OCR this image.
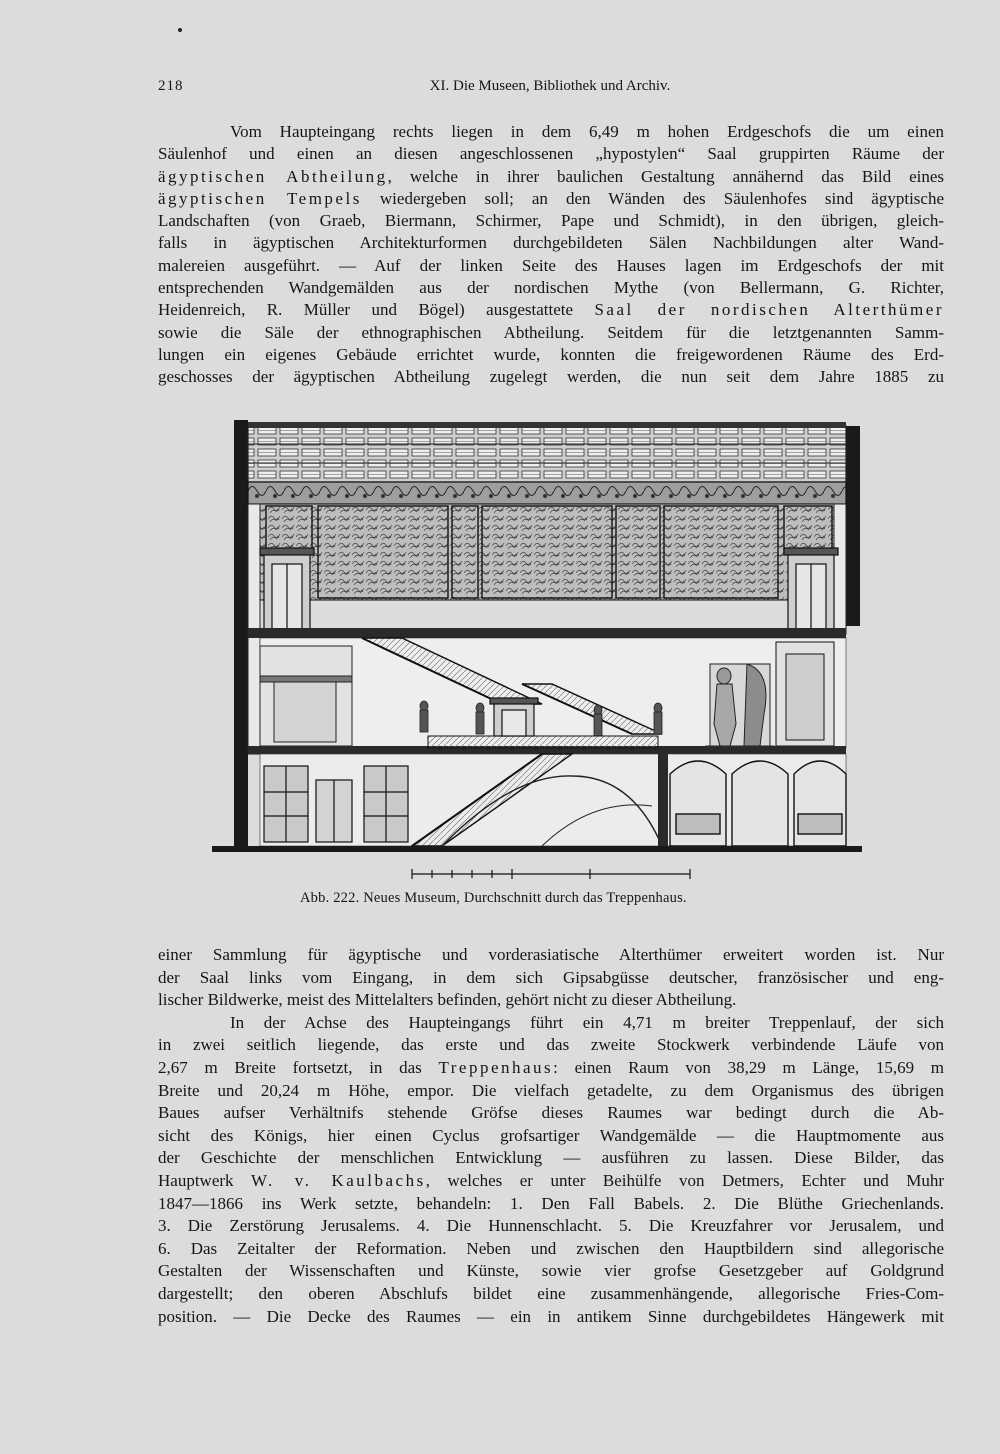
218	XI. Die Museen, Bibliothek und Archiv.
Vom Haupteingang rechts liegen in dem 6,49 m hohen Erdgeschofs die um einen
Säulenhof und einen an diesen angeschlossenen „hypostylen“ Saal gruppirten Räume der
ägyptischen Abtheilung, welche in ihrer baulichen Gestaltung annähernd das Bild eines
ägyptischen Tempels wiedergeben soll; an den Wänden des Säulenhofes sind ägyptische
Landschaften (von Graeb, Biermann, Schirmer, Pape und Schmidt), in den übrigen, gleich-
falls in ägyptischen Architekturformen durchgebildeten Sälen Nachbildungen alter Wand-
malereien ausgeführt. — Auf der linken Seite des Hauses lagen im Erdgeschofs der mit
entsprechenden Wandgemälden aus der nordischen Mythe (von Bellermann, G. Richter,
Heidenreich, R. Müller und Bögel) ausgestattete Saal der nordischen Alterthümer
sowie die Säle der ethnographischen Abtheilung. Seitdem für die letztgenannten Samm-
lungen ein eigenes Gebäude errichtet wurde, konnten die freigewordenen Räume des Erd-
geschosses der ägyptischen Abtheilung zugelegt werden, die nun seit dem Jahre 1885 zu
Abb. 222. Neues Museum, Durchschnitt durch das Treppenhaus.
einer Sammlung für ägyptische und vorderasiatische Alterthümer erweitert worden ist. Nur
der Saal links vom Eingang, in dem sich Gipsabgüsse deutscher, französischer und eng-
lischer Bildwerke, meist des Mittelalters befinden, gehört nicht zu dieser Abtheilung.
In der Achse des Haupteingangs führt ein 4,71 m breiter Treppenlauf, der sich
in zwei seitlich liegende, das erste und das zweite Stockwerk verbindende Läufe von
2,67 m Breite fortsetzt, in das Treppenhaus: einen Raum von 38,29 m Länge, 15,69 m
Breite und 20,24 m Höhe, empor. Die vielfach getadelte, zu dem Organismus des übrigen
Baues aufser Verhältnifs stehende Gröfse dieses Raumes war bedingt durch die Ab-
sicht des Königs, hier einen Cyclus grofsartiger Wandgemälde — die Hauptmomente aus
der Geschichte der menschlichen Entwicklung — ausführen zu lassen. Diese Bilder, das
Hauptwerk W. v. Kaulbachs, welches er unter Beihülfe von Detmers, Echter und Muhr
1847—1866 ins Werk setzte, behandeln: 1. Den Fall Babels. 2. Die Blüthe Griechenlands.
3. Die Zerstörung Jerusalems. 4. Die Hunnenschlacht. 5. Die Kreuzfahrer vor Jerusalem, und
6. Das Zeitalter der Reformation. Neben und zwischen den Hauptbildern sind allegorische
Gestalten der Wissenschaften und Künste, sowie vier grofse Gesetzgeber auf Goldgrund
dargestellt; den oberen Abschlufs bildet eine zusammenhängende, allegorische Fries-Com-
position. — Die Decke des Raumes — ein in antikem Sinne durchgebildetes Hängewerk mit
